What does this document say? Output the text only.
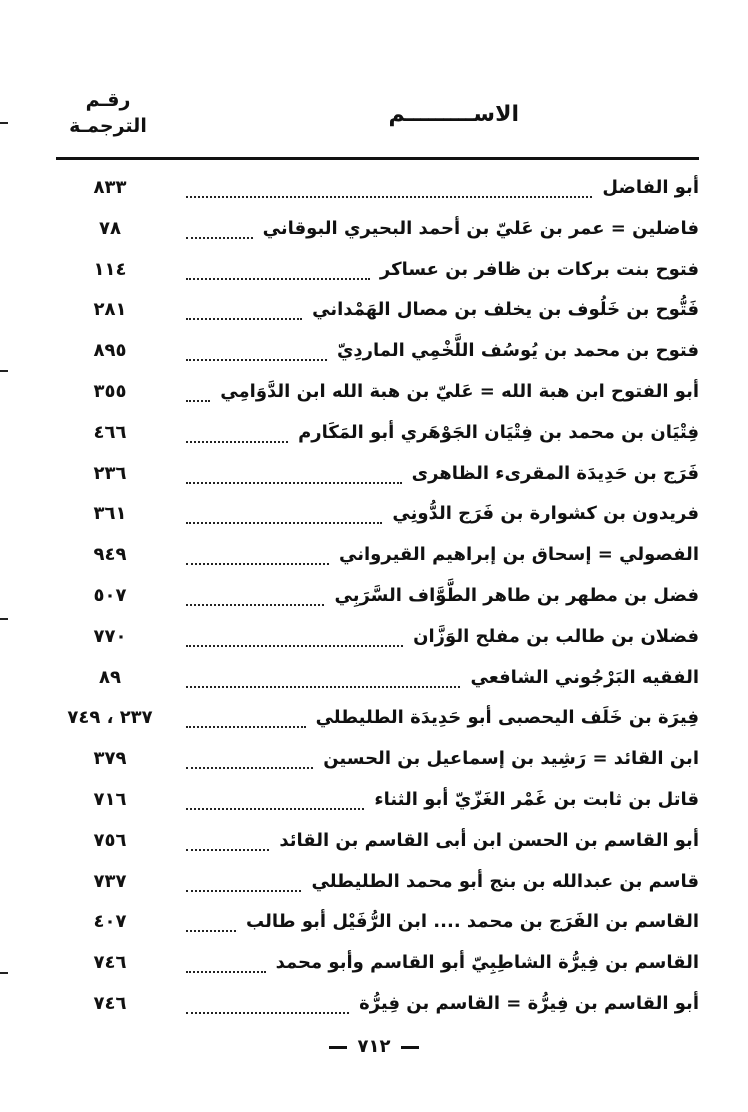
الاســـــــــم
رقـم
الترجمـة
أبو الفاضل
٨٣٣
فاضلين = عمر بن عَليّ بن أحمد البحيري البوقاني
٧٨
فتوح بنت بركات بن ظافر بن عساكر
١١٤
فَتُّوح بن خَلُوف بن يخلف بن مصال الهَمْداني
٢٨١
فتوح بن محمد بن يُوسُف اللَّخْمِي الماردِيّ
٨٩٥
أبو الفتوح ابن هبة الله = عَليّ بن هبة الله ابن الدَّوَامِي
٣٥٥
فِتْيَان بن محمد بن فِتْيَان الجَوْهَري أبو المَكَارم
٤٦٦
فَرَج بن حَدِيدَة المقرىء الظاهرى
٢٣٦
فريدون بن كشوارة بن فَرَج الدُّونِي
٣٦١
الفصولي = إسحاق بن إبراهيم القيرواني
٩٤٩
فضل بن مطهر بن طاهر الطَّوَّاف السَّرَبِي
٥٠٧
فضلان بن طالب بن مفلح الوَزَّان
٧٧٠
الفقيه البَرْجُوني الشافعي
٨٩
فِيرَة بن خَلَف اليحصبى أبو حَدِيدَة الطليطلي
٢٣٧ ، ٧٤٩
ابن القائد = رَشِيد بن إسماعيل بن الحسين
٣٧٩
قاتل بن ثابت بن غَمْر الغَزّيّ أبو الثناء
٧١٦
أبو القاسم بن الحسن ابن أبى القاسم بن القائد
٧٥٦
قاسم بن عبدالله بن بنج أبو محمد الطليطلي
٧٣٧
القاسم بن الفَرَج بن محمد .... ابن الرُّفَيْل أبو طالب
٤٠٧
القاسم بن فِيرُّة الشاطِبِيّ أبو القاسم وأبو محمد
٧٤٦
أبو القاسم بن فِيرُّة = القاسم بن فِيرُّة
٧٤٦
٧١٢
